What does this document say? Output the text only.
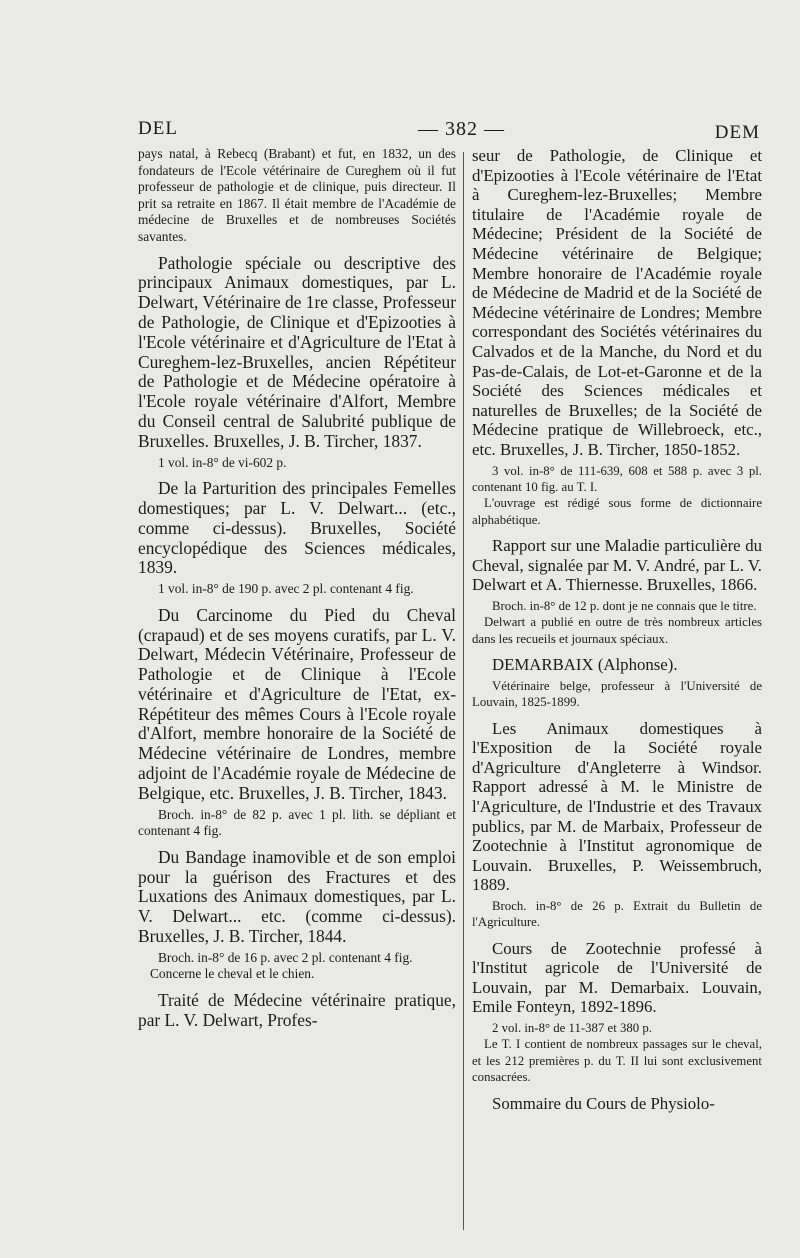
DEL	— 382 —	DEM

pays natal, à Rebecq (Brabant) et fut, en 1832, un des fondateurs de l'Ecole vétérinaire de Cureghem où il fut professeur de pathologie et de clinique, puis directeur. Il prit sa retraite en 1867. Il était membre de l'Académie de médecine de Bruxelles et de nombreuses Sociétés savantes.

Pathologie spéciale ou descriptive des principaux Animaux domestiques, par L. Delwart, Vétérinaire de 1re classe, Professeur de Pathologie, de Clinique et d'Epizooties à l'Ecole vétérinaire et d'Agriculture de l'Etat à Cureghem-lez-Bruxelles, ancien Répétiteur de Pathologie et de Médecine opératoire à l'Ecole royale vétérinaire d'Alfort, Membre du Conseil central de Salubrité publique de Bruxelles. Bruxelles, J. B. Tircher, 1837.

1 vol. in-8° de vi-602 p.

De la Parturition des principales Femelles domestiques; par L. V. Delwart... (etc., comme ci-dessus). Bruxelles, Société encyclopédique des Sciences médicales, 1839.

1 vol. in-8° de 190 p. avec 2 pl. contenant 4 fig.

Du Carcinome du Pied du Cheval (crapaud) et de ses moyens curatifs, par L. V. Delwart, Médecin Vétérinaire, Professeur de Pathologie et de Clinique à l'Ecole vétérinaire et d'Agriculture de l'Etat, ex-Répétiteur des mêmes Cours à l'Ecole royale d'Alfort, membre honoraire de la Société de Médecine vétérinaire de Londres, membre adjoint de l'Académie royale de Médecine de Belgique, etc. Bruxelles, J. B. Tircher, 1843.

Broch. in-8° de 82 p. avec 1 pl. lith. se dépliant et contenant 4 fig.

Du Bandage inamovible et de son emploi pour la guérison des Fractures et des Luxations des Animaux domestiques, par L. V. Delwart... etc. (comme ci-dessus). Bruxelles, J. B. Tircher, 1844.

Broch. in-8° de 16 p. avec 2 pl. contenant 4 fig.

Concerne le cheval et le chien.

Traité de Médecine vétérinaire pratique, par L. V. Delwart, Profes-

seur de Pathologie, de Clinique et d'Epizooties à l'Ecole vétérinaire de l'Etat à Cureghem-lez-Bruxelles; Membre titulaire de l'Académie royale de Médecine; Président de la Société de Médecine vétérinaire de Belgique; Membre honoraire de l'Académie royale de Médecine de Madrid et de la Société de Médecine vétérinaire de Londres; Membre correspondant des Sociétés vétérinaires du Calvados et de la Manche, du Nord et du Pas-de-Calais, de Lot-et-Garonne et de la Société des Sciences médicales et naturelles de Bruxelles; de la Société de Médecine pratique de Willebroeck, etc., etc. Bruxelles, J. B. Tircher, 1850-1852.

3 vol. in-8° de 111-639, 608 et 588 p. avec 3 pl. contenant 10 fig. au T. I.

L'ouvrage est rédigé sous forme de dictionnaire alphabétique.

Rapport sur une Maladie particulière du Cheval, signalée par M. V. André, par L. V. Delwart et A. Thiernesse. Bruxelles, 1866.

Broch. in-8° de 12 p. dont je ne connais que le titre.

Delwart a publié en outre de très nombreux articles dans les recueils et journaux spéciaux.

DEMARBAIX (Alphonse).

Vétérinaire belge, professeur à l'Université de Louvain, 1825-1899.

Les Animaux domestiques à l'Exposition de la Société royale d'Agriculture d'Angleterre à Windsor. Rapport adressé à M. le Ministre de l'Agriculture, de l'Industrie et des Travaux publics, par M. de Marbaix, Professeur de Zootechnie à l'Institut agronomique de Louvain. Bruxelles, P. Weissembruch, 1889.

Broch. in-8° de 26 p. Extrait du Bulletin de l'Agriculture.

Cours de Zootechnie professé à l'Institut agricole de l'Université de Louvain, par M. Demarbaix. Louvain, Emile Fonteyn, 1892-1896.

2 vol. in-8° de 11-387 et 380 p.

Le T. I contient de nombreux passages sur le cheval, et les 212 premières p. du T. II lui sont exclusivement consacrées.

Sommaire du Cours de Physiolo-
